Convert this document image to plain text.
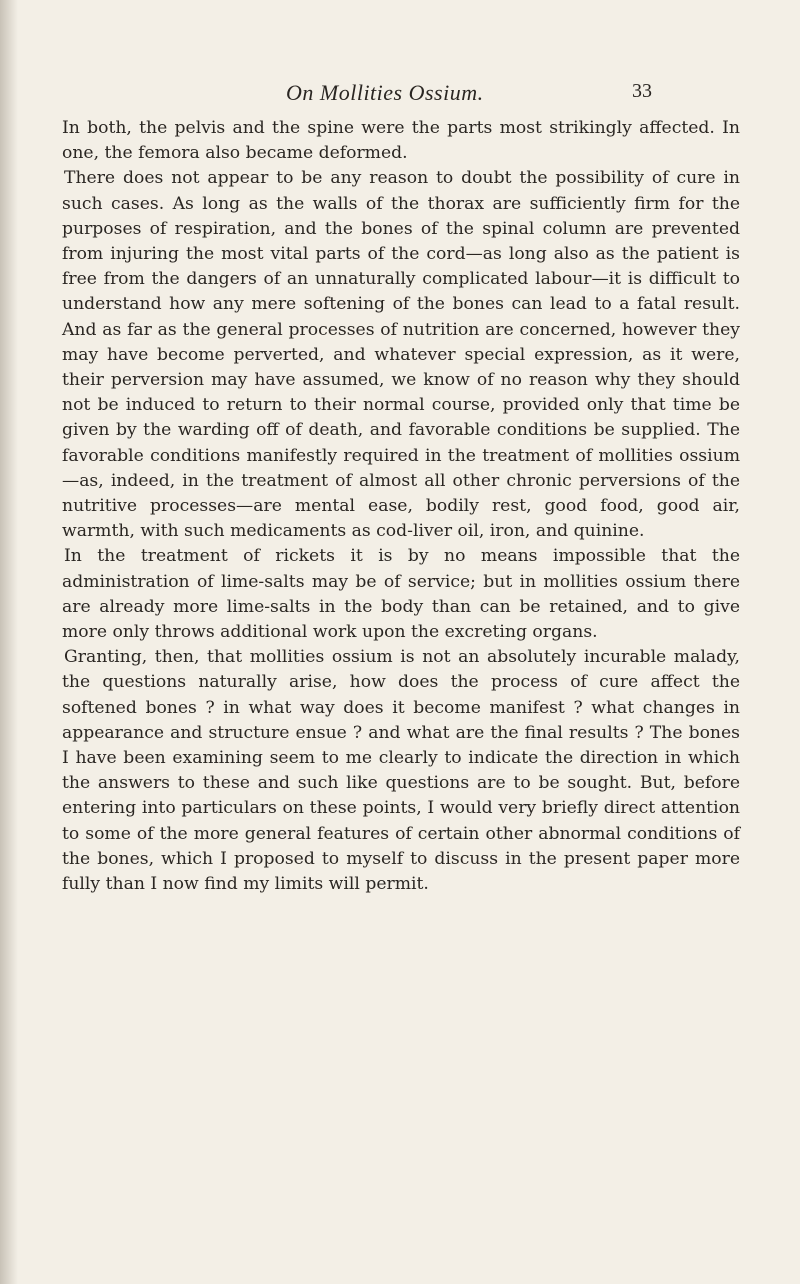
On Mollities Ossium.	33

In both, the pelvis and the spine were the parts most strikingly affected. In one, the femora also became deformed.

There does not appear to be any reason to doubt the possibility of cure in such cases. As long as the walls of the thorax are sufficiently firm for the purposes of respiration, and the bones of the spinal column are prevented from injuring the most vital parts of the cord—as long also as the patient is free from the dangers of an unnaturally complicated labour—it is difficult to understand how any mere softening of the bones can lead to a fatal result. And as far as the general processes of nutrition are concerned, however they may have become perverted, and whatever special expression, as it were, their perversion may have assumed, we know of no reason why they should not be induced to return to their normal course, provided only that time be given by the warding off of death, and favorable conditions be supplied. The favorable conditions manifestly required in the treatment of mollities ossium—as, indeed, in the treatment of almost all other chronic perversions of the nutritive processes—are mental ease, bodily rest, good food, good air, warmth, with such medicaments as cod-liver oil, iron, and quinine.

In the treatment of rickets it is by no means impossible that the administration of lime-salts may be of service; but in mollities ossium there are already more lime-salts in the body than can be retained, and to give more only throws additional work upon the excreting organs.

Granting, then, that mollities ossium is not an absolutely incurable malady, the questions naturally arise, how does the process of cure affect the softened bones ? in what way does it become manifest ? what changes in appearance and structure ensue ? and what are the final results ? The bones I have been examining seem to me clearly to indicate the direction in which the answers to these and such like questions are to be sought. But, before entering into particulars on these points, I would very briefly direct attention to some of the more general features of certain other abnormal conditions of the bones, which I proposed to myself to discuss in the present paper more fully than I now find my limits will permit.
